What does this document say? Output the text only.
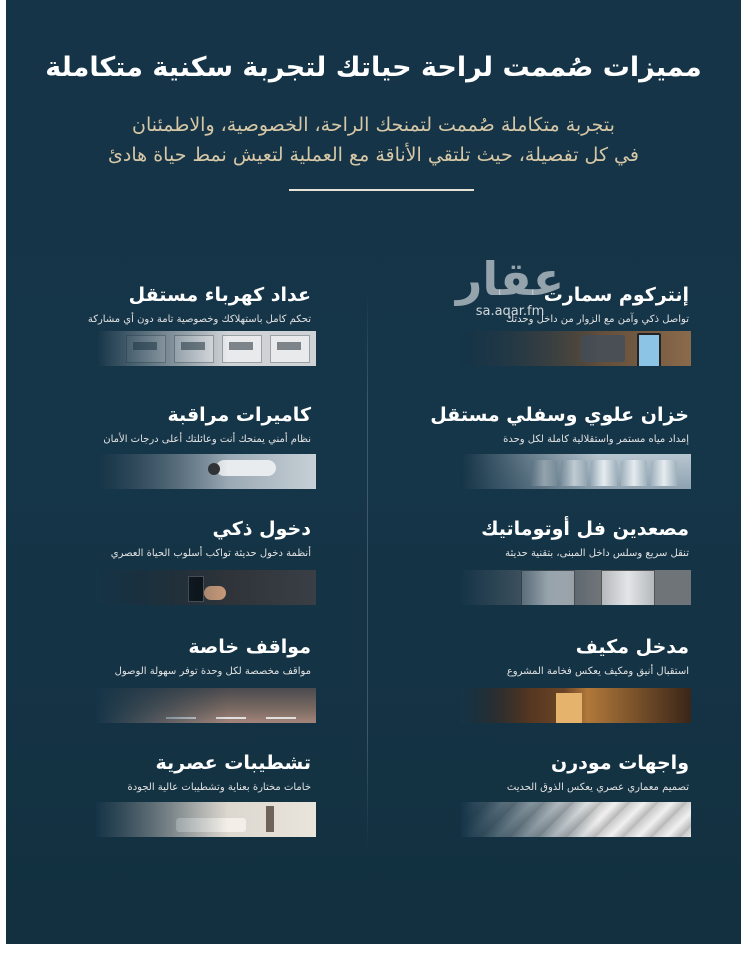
مميزات صُممت لراحة حياتك لتجربة سكنية متكاملة
بتجربة متكاملة صُممت لتمنحك الراحة، الخصوصية، والاطمئنان
في كل تفصيلة، حيث تلتقي الأناقة مع العملية لتعيش نمط حياة هادئ
إنتركوم سمارت
تواصل ذكي وآمن مع الزوار من داخل وحدتك
خزان علوي وسفلي مستقل
إمداد مياه مستمر واستقلالية كاملة لكل وحدة
مصعدين فل أوتوماتيك
تنقل سريع وسلس داخل المبنى، بتقنية حديثة
مدخل مكيف
استقبال أنيق ومكيف يعكس فخامة المشروع
واجهات مودرن
تصميم معماري عصري يعكس الذوق الحديث
عداد كهرباء مستقل
تحكم كامل باستهلاكك وخصوصية تامة دون أي مشاركة
كاميرات مراقبة
نظام أمني يمنحك أنت وعائلتك أعلى درجات الأمان
دخول ذكي
أنظمة دخول حديثة تواكب أسلوب الحياة العصري
مواقف خاصة
مواقف مخصصة لكل وحدة توفر سهولة الوصول
تشطيبات عصرية
خامات مختارة بعناية وتشطيبات عالية الجودة
عقار
sa.aqar.fm
